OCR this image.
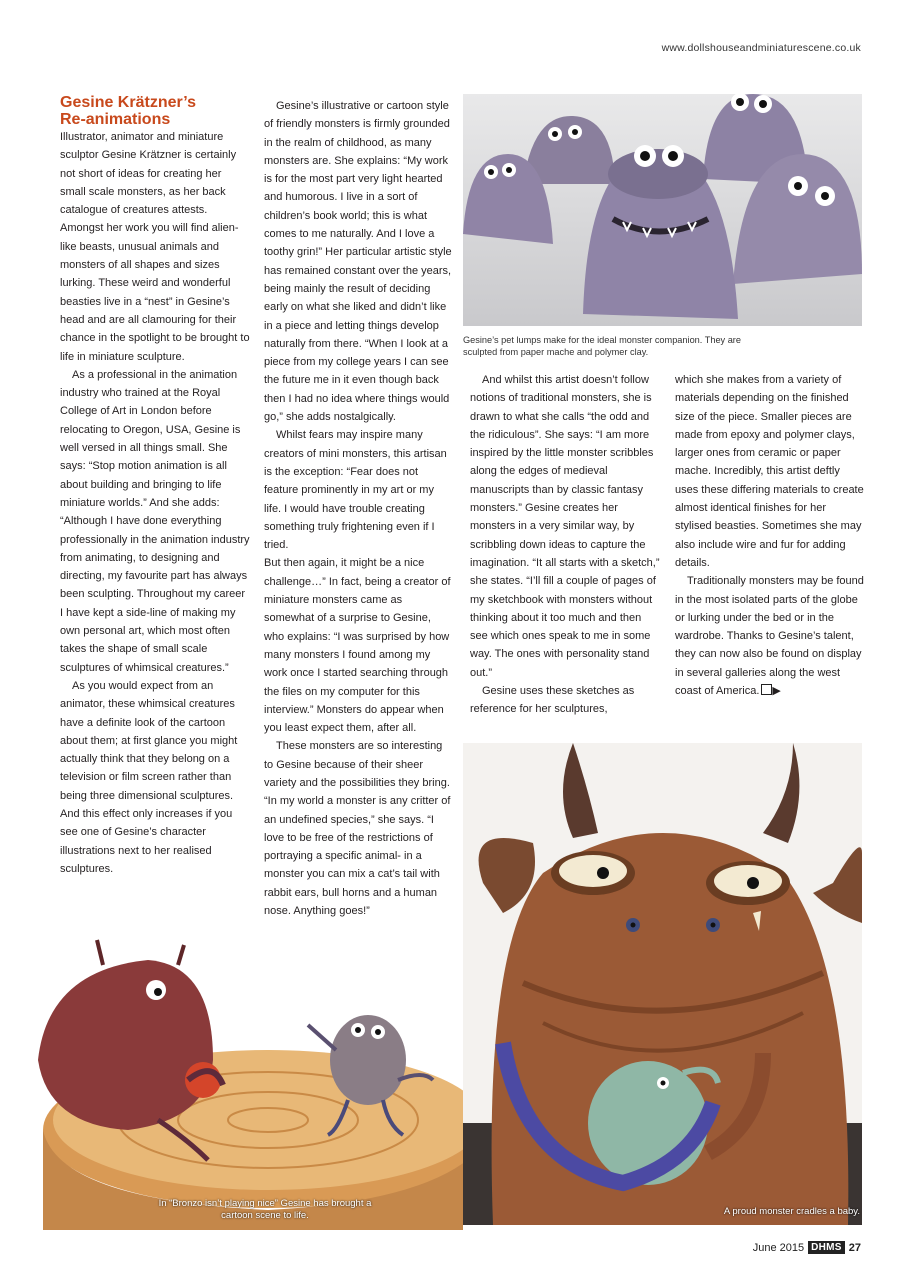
www.dollshouseandminiaturescene.co.uk
Gesine Krätzner’s
Re-animations

Illustrator, animator and miniature sculptor Gesine Krätzner is certainly not short of ideas for creating her small scale monsters, as her back catalogue of creatures attests. Amongst her work you will find alien-like beasts, unusual animals and monsters of all shapes and sizes lurking. These weird and wonderful beasties live in a “nest” in Gesine’s head and are all clamouring for their chance in the spotlight to be brought to life in miniature sculpture.

As a professional in the animation industry who trained at the Royal College of Art in London before relocating to Oregon, USA, Gesine is well versed in all things small. She says: “Stop motion animation is all about building and bringing to life miniature worlds.” And she adds: “Although I have done everything professionally in the animation industry from animating, to designing and directing, my favourite part has always been sculpting. Throughout my career I have kept a side-line of making my own personal art, which most often takes the shape of small scale sculptures of whimsical creatures.”

As you would expect from an animator, these whimsical creatures have a definite look of the cartoon about them; at first glance you might actually think that they belong on a television or film screen rather than being three dimensional sculptures. And this effect only increases if you see one of Gesine’s character illustrations next to her realised sculptures.

Gesine’s illustrative or cartoon style of friendly monsters is firmly grounded in the realm of childhood, as many monsters are. She explains: “My work is for the most part very light hearted and humorous. I live in a sort of children’s book world; this is what comes to me naturally. And I love a toothy grin!” Her particular artistic style has remained constant over the years, being mainly the result of deciding early on what she liked and didn’t like in a piece and letting things develop naturally from there. “When I look at a piece from my college years I can see the future me in it even though back then I had no idea where things would go,” she adds nostalgically.

Whilst fears may inspire many creators of mini monsters, this artisan is the exception: “Fear does not feature prominently in my art or my life. I would have trouble creating something truly frightening even if I tried.

But then again, it might be a nice challenge…” In fact, being a creator of miniature monsters came as somewhat of a surprise to Gesine, who explains: “I was surprised by how many monsters I found among my work once I started searching through the files on my computer for this interview.” Monsters do appear when you least expect them, after all.

These monsters are so interesting to Gesine because of their sheer variety and the possibilities they bring. “In my world a monster is any critter of an undefined species,” she says. “I love to be free of the restrictions of portraying a specific animal- in a monster you can mix a cat’s tail with rabbit ears, bull horns and a human nose. Anything goes!”

Gesine’s pet lumps make for the ideal monster companion. They are sculpted from paper mache and polymer clay.

And whilst this artist doesn’t follow notions of traditional monsters, she is drawn to what she calls “the odd and the ridiculous”. She says: “I am more inspired by the little monster scribbles along the edges of medieval manuscripts than by classic fantasy monsters.” Gesine creates her monsters in a very similar way, by scribbling down ideas to capture the imagination. “It all starts with a sketch,” she states. “I’ll fill a couple of pages of my sketchbook with monsters without thinking about it too much and then see which ones speak to me in some way. The ones with personality stand out.”

Gesine uses these sketches as reference for her sculptures,

which she makes from a variety of materials depending on the finished size of the piece. Smaller pieces are made from epoxy and polymer clays, larger ones from ceramic or paper mache. Incredibly, this artist deftly uses these differing materials to create almost identical finishes for her stylised beasties. Sometimes she may also include wire and fur for adding details.

Traditionally monsters may be found in the most isolated parts of the globe or lurking under the bed or in the wardrobe. Thanks to Gesine’s talent, they can now also be found on display in several galleries along the west coast of America. ▶

In “Bronzo isn’t playing nice” Gesine has brought a cartoon scene to life.	A proud monster cradles a baby.
June 2015 DHMS 27
